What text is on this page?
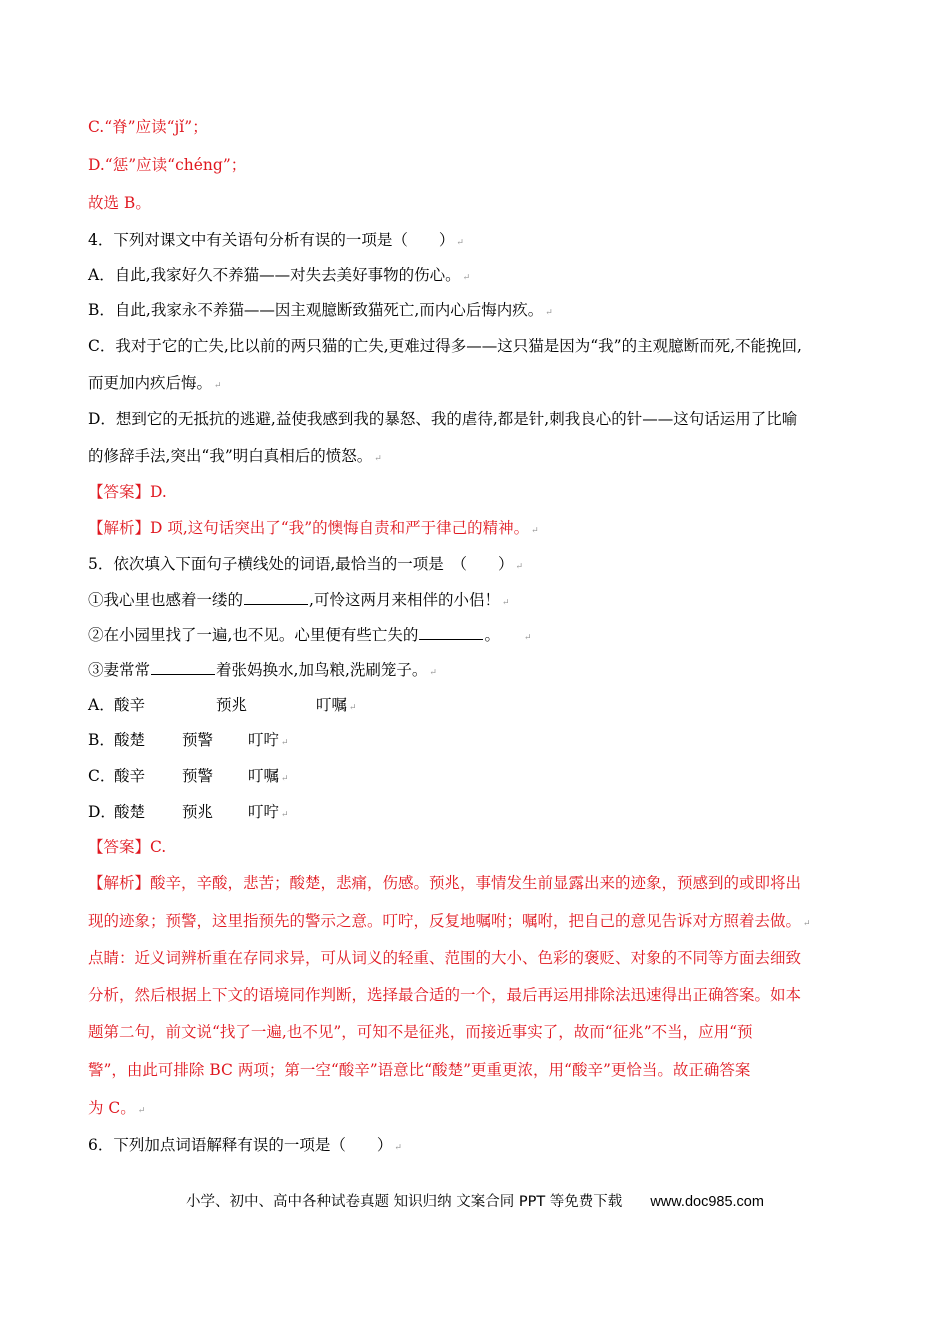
C.“脊”应读“jǐ”；
D.“惩”应读“chéng”；
故选 B。
4．下列对课文中有关语句分析有误的一项是（　　） ↵
A．自此,我家好久不养猫——对失去美好事物的伤心。 ↵
B．自此,我家永不养猫——因主观臆断致猫死亡,而内心后悔内疚。 ↵
C．我对于它的亡失,比以前的两只猫的亡失,更难过得多——这只猫是因为“我”的主观臆断而死,不能挽回,
而更加内疚后悔。 ↵
D．想到它的无抵抗的逃避,益使我感到我的暴怒、我的虐待,都是针,刺我良心的针——这句话运用了比喻
的修辞手法,突出“我”明白真相后的愤怒。 ↵
【答案】D.
【解析】D 项,这句话突出了“我”的懊悔自责和严于律己的精神。 ↵
5．依次填入下面句子横线处的词语,最恰当的一项是　（　　） ↵
①我心里也感着一缕的	,可怜这两月来相伴的小侣！ ↵
②在小园里找了一遍,也不见。心里便有些亡失的	。	↵
③妻常常	着张妈换水,加鸟粮,洗刷笼子。 ↵
A．酸辛	预兆	叮嘱 ↵
B．酸楚 预警 叮咛 ↵
C．酸辛 预警 叮嘱 ↵
D．酸楚 预兆 叮咛 ↵
【答案】C.
【解析】酸辛，辛酸，悲苦；酸楚，悲痛，伤感。预兆，事情发生前显露出来的迹象，预感到的或即将出
现的迹象；预警，这里指预先的警示之意。叮咛，反复地嘱咐；嘱咐，把自己的意见告诉对方照着去做。 ↵
点睛：近义词辨析重在存同求异，可从词义的轻重、范围的大小、色彩的褒贬、对象的不同等方面去细致
分析，然后根据上下文的语境同作判断，选择最合适的一个，最后再运用排除法迅速得出正确答案。如本
题第二句，前文说“找了一遍,也不见”，可知不是征兆，而接近事实了，故而“征兆”不当，应用“预
警”，由此可排除 BC 两项；第一空“酸辛”语意比“酸楚”更重更浓，用“酸辛”更恰当。故正确答案
为 C。 ↵
6．下列加点词语解释有误的一项是（　　） ↵
小学、初中、高中各种试卷真题 知识归纳 文案合同 PPT 等免费下载 www.doc985.com
